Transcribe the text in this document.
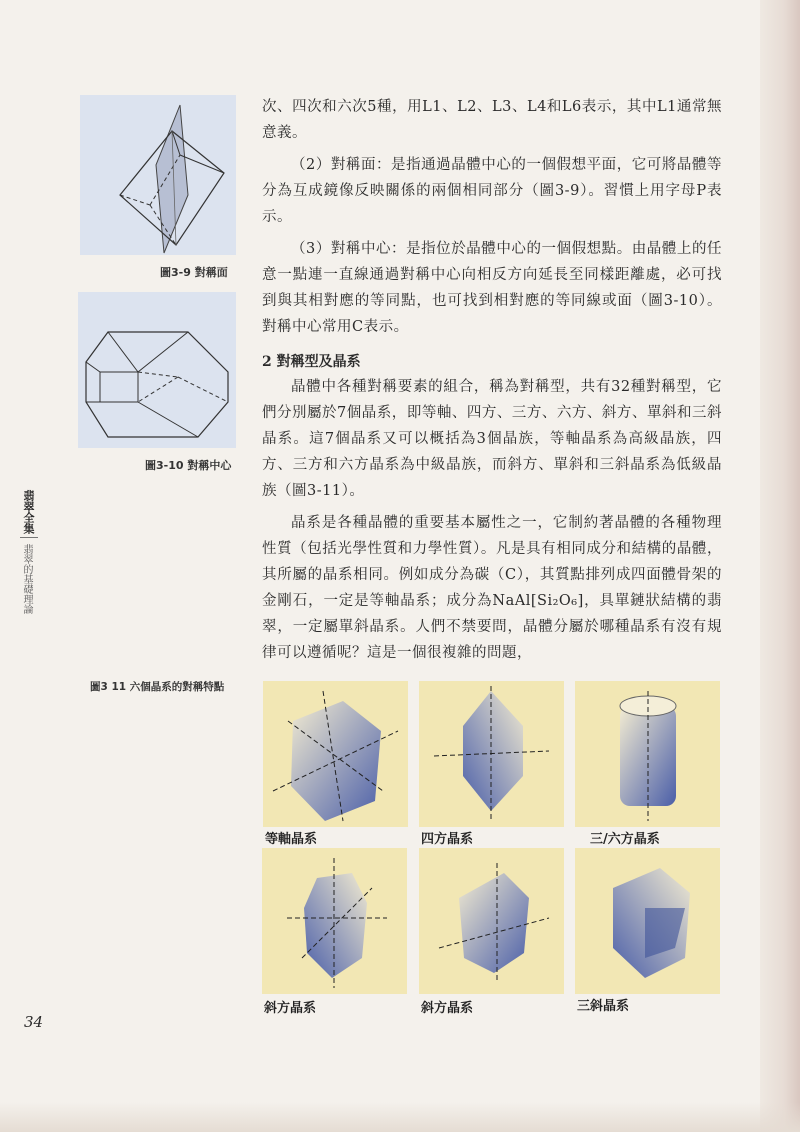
圖3-9 對稱面
圖3-10 對稱中心
翡翠全集
翡翠的基礎理論
圖3 11 六個晶系的對稱特點

次、四次和六次5種，用L1、L2、L3、L4和L6表示，其中L1通常無意義。

（2）對稱面：是指通過晶體中心的一個假想平面，它可將晶體等分為互成鏡像反映關係的兩個相同部分（圖3-9）。習慣上用字母P表示。

（3）對稱中心：是指位於晶體中心的一個假想點。由晶體上的任意一點連一直線通過對稱中心向相反方向延長至同樣距離處，必可找到與其相對應的等同點，也可找到相對應的等同線或面（圖3-10）。對稱中心常用C表示。

2 對稱型及晶系

晶體中各種對稱要素的組合，稱為對稱型，共有32種對稱型，它們分別屬於7個晶系，即等軸、四方、三方、六方、斜方、單斜和三斜晶系。這7個晶系又可以概括為3個晶族，等軸晶系為高級晶族，四方、三方和六方晶系為中級晶族，而斜方、單斜和三斜晶系為低級晶族（圖3-11）。

晶系是各種晶體的重要基本屬性之一，它制約著晶體的各種物理性質（包括光學性質和力學性質）。凡是具有相同成分和結構的晶體，其所屬的晶系相同。例如成分為碳（C），其質點排列成四面體骨架的金剛石，一定是等軸晶系；成分為NaAl[Si₂O₆]，具單鏈狀結構的翡翠，一定屬單斜晶系。人們不禁要問，晶體分屬於哪種晶系有沒有規律可以遵循呢？這是一個很複雜的問題，

等軸晶系	四方晶系	三/六方晶系
斜方晶系	斜方晶系	三斜晶系
34
